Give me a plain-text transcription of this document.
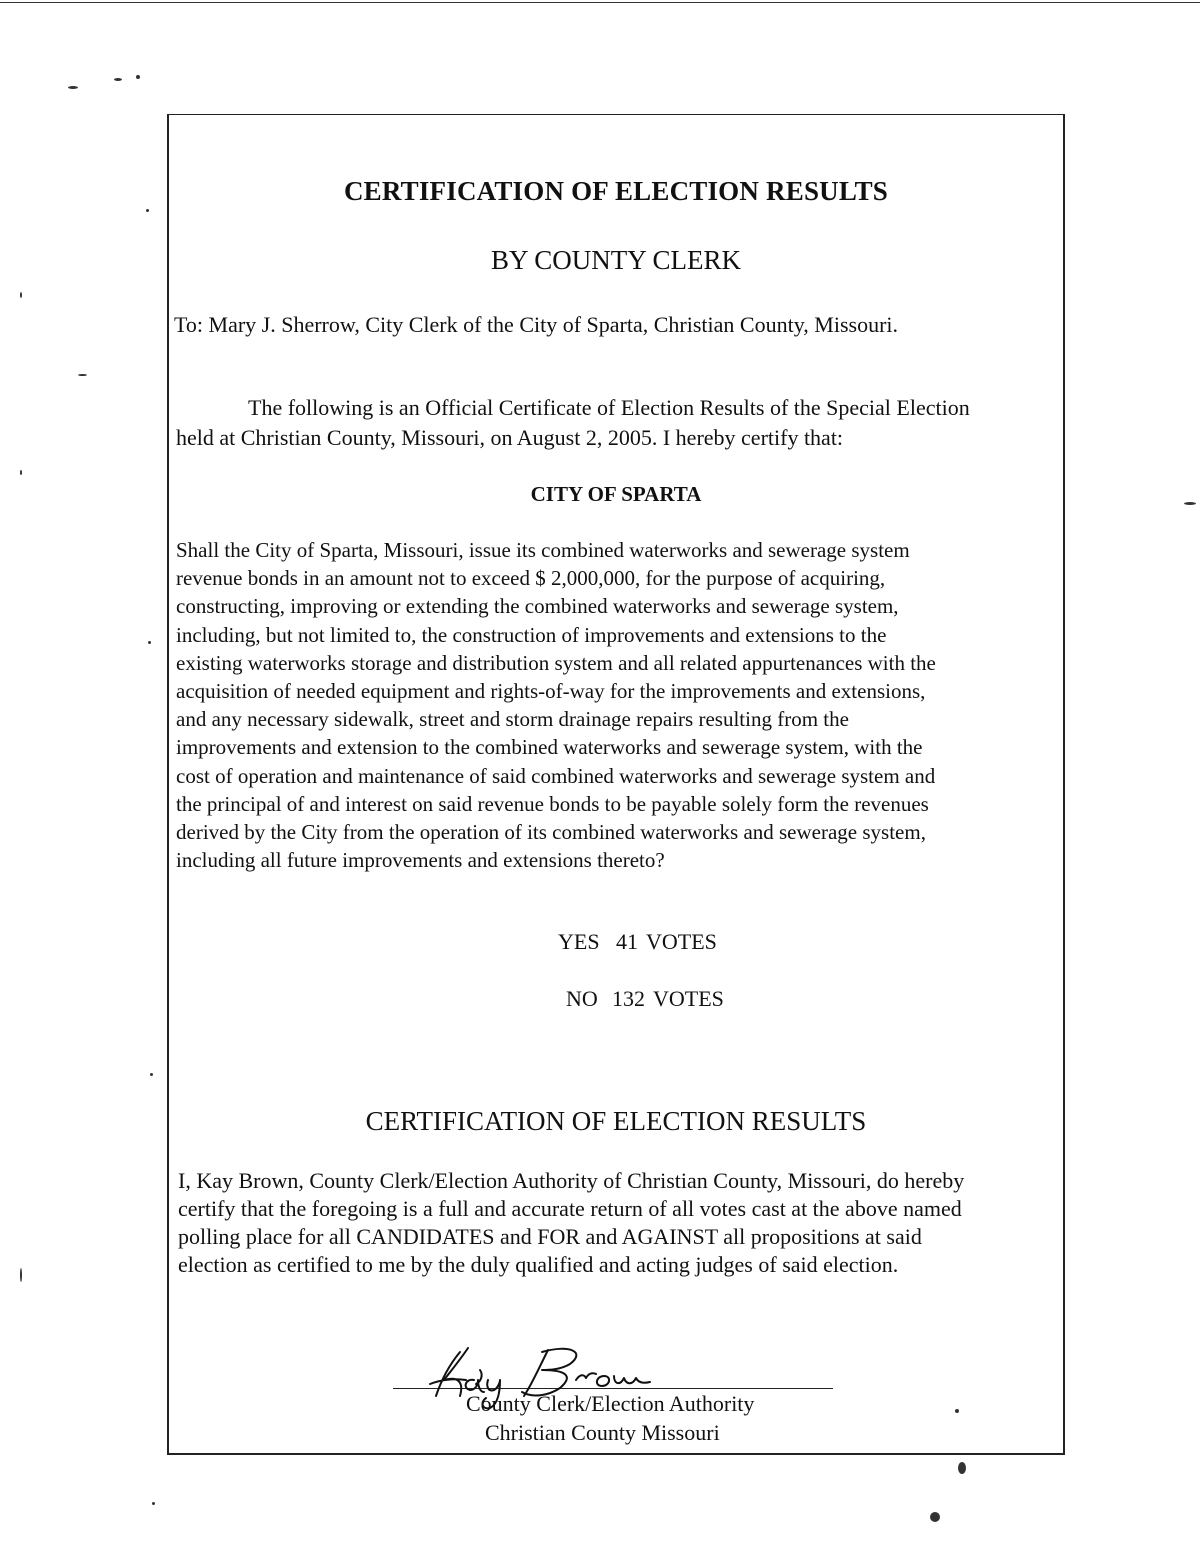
CERTIFICATION OF ELECTION RESULTS
BY COUNTY CLERK
To: Mary J. Sherrow, City Clerk of the City of Sparta, Christian County, Missouri.
The following is an Official Certificate of Election Results of the Special Election
held at Christian County, Missouri, on August 2, 2005. I hereby certify that:
CITY OF SPARTA
Shall the City of Sparta, Missouri, issue its combined waterworks and sewerage system
revenue bonds in an amount not to exceed $ 2,000,000, for the purpose of acquiring,
constructing, improving or extending the combined waterworks and sewerage system,
including, but not limited to, the construction of improvements and extensions to the
existing waterworks storage and distribution system and all related appurtenances with the
acquisition of needed equipment and rights-of-way for the improvements and extensions,
and any necessary sidewalk, street and storm drainage repairs resulting from the
improvements and extension to the combined waterworks and sewerage system, with the
cost of operation and maintenance of said combined waterworks and sewerage system and
the principal of and interest on said revenue bonds to be payable solely form the revenues
derived by the City from the operation of its combined waterworks and sewerage system,
including all future improvements and extensions thereto?
YES 41 VOTES
NO 132 VOTES
CERTIFICATION OF ELECTION RESULTS
I, Kay Brown, County Clerk/Election Authority of Christian County, Missouri, do hereby
certify that the foregoing is a full and accurate return of all votes cast at the above named
polling place for all CANDIDATES and FOR and AGAINST all propositions at said
election as certified to me by the duly qualified and acting judges of said election.
County Clerk/Election Authority
Christian County Missouri
